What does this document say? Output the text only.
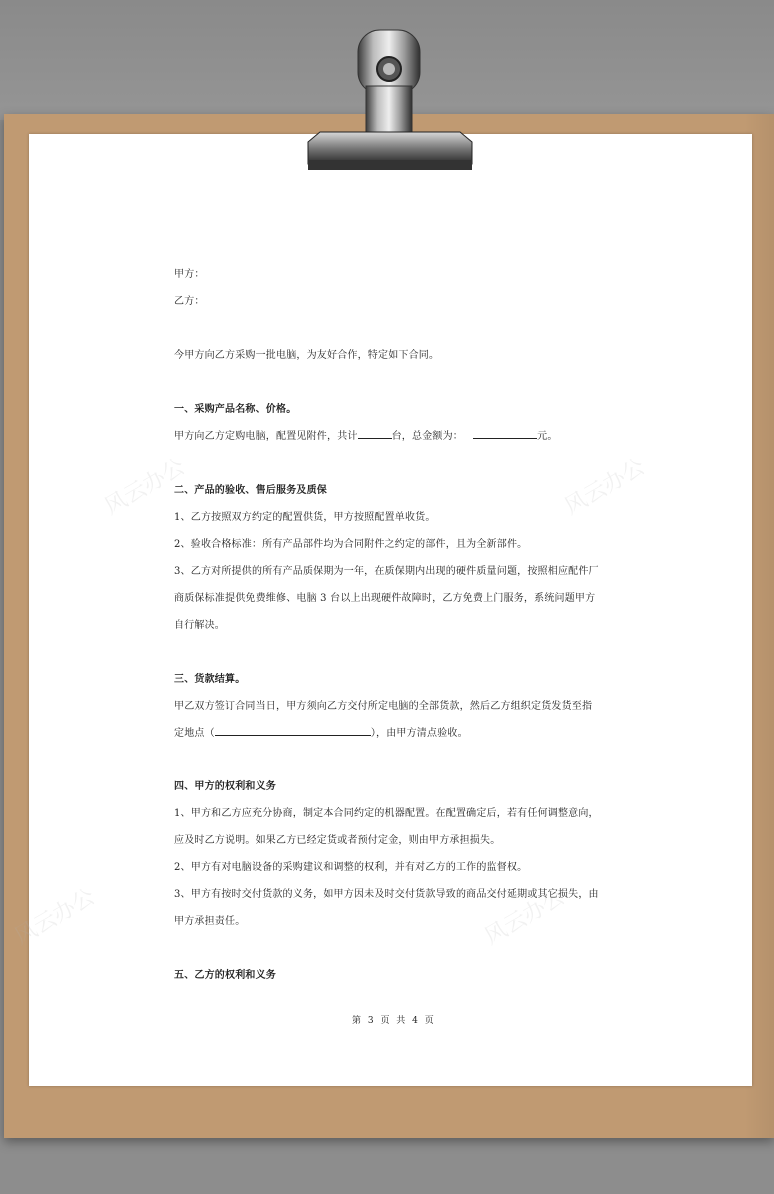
甲方：
乙方：
今甲方向乙方采购一批电脑，为友好合作，特定如下合同。
一、采购产品名称、价格。
甲方向乙方定购电脑，配置见附件，共计	台，总金额为：	元。
二、产品的验收、售后服务及质保
1、乙方按照双方约定的配置供货，甲方按照配置单收货。
2、验收合格标准：所有产品部件均为合同附件之约定的部件，且为全新部件。
3、乙方对所提供的所有产品质保期为一年，在质保期内出现的硬件质量问题，按照相应配件厂
商质保标准提供免费维修、电脑 3 台以上出现硬件故障时，乙方免费上门服务，系统问题甲方
自行解决。
三、货款结算。
甲乙双方签订合同当日，甲方须向乙方交付所定电脑的全部货款，然后乙方组织定货发货至指
定地点（	），由甲方清点验收。
四、甲方的权利和义务
1、甲方和乙方应充分协商，制定本合同约定的机器配置。在配置确定后，若有任何调整意向，
应及时乙方说明。如果乙方已经定货或者预付定金，则由甲方承担损失。
2、甲方有对电脑设备的采购建议和调整的权利，并有对乙方的工作的监督权。
3、甲方有按时交付货款的义务，如甲方因未及时交付货款导致的商品交付延期或其它损失，由
甲方承担责任。
五、乙方的权利和义务
第 3 页 共 4 页
